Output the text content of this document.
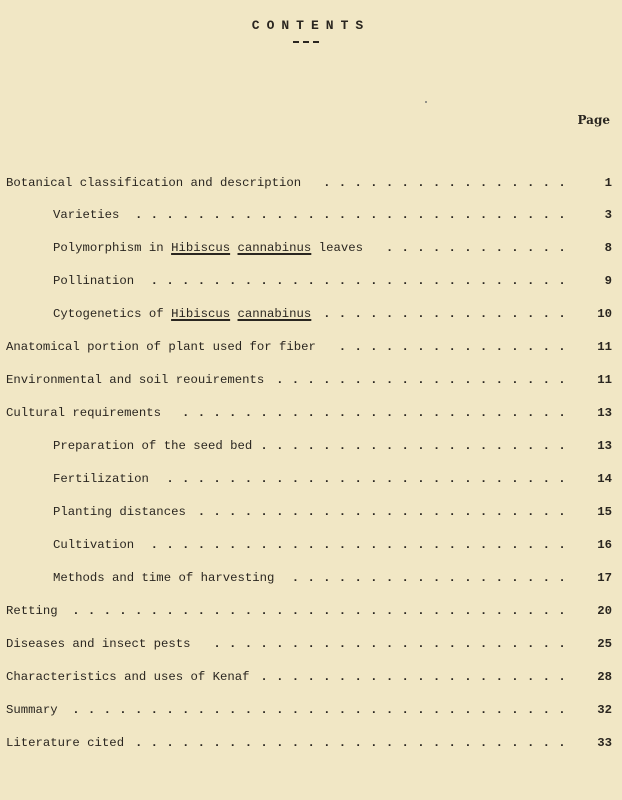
CONTENTS
Page
Botanical classification and description ................ 1
Varieties ............................ 3
Polymorphism in Hibiscus cannabinus leaves ............ 8
Pollination ........................... 9
Cytogenetics of Hibiscus cannabinus ................ 10
Anatomical portion of plant used for fiber ............... 11
Environmental and soil reouirements ................... 11
Cultural requirements ......................... 13
Preparation of the seed bed .................... 13
Fertilization .......................... 14
Planting distances ........................ 15
Cultivation ........................... 16
Methods and time of harvesting .................. 17
Retting ................................ 20
Diseases and insect pests ....................... 25
Characteristics and uses of Kenaf .................... 28
Summary ................................ 32
Literature cited ............................ 33
